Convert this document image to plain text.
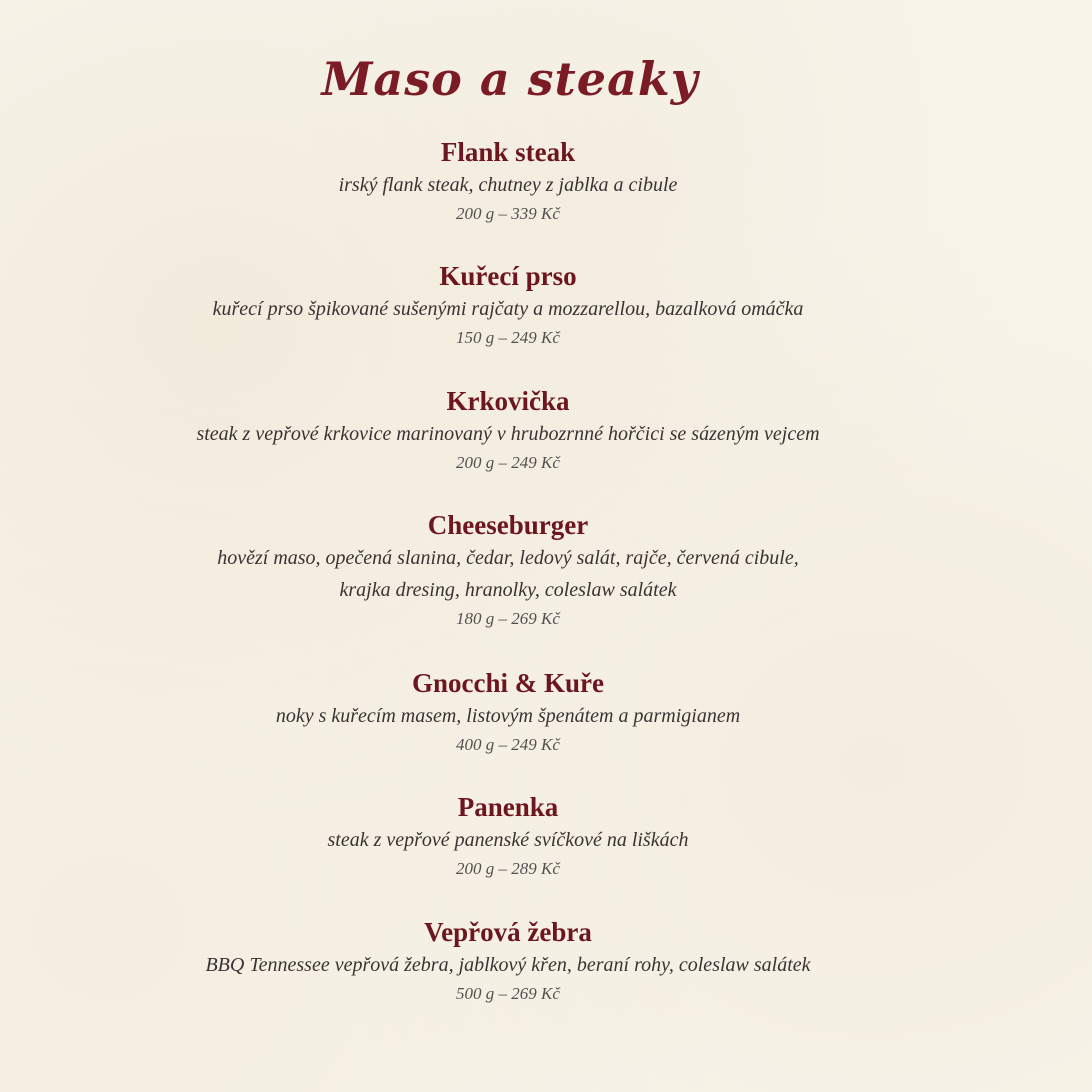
Maso a steaky

Flank steak

irský flank steak, chutney z jablka a cibule

200 g – 339 Kč

Kuřecí prso

kuřecí prso špikované sušenými rajčaty a mozzarellou, bazalková omáčka

150 g – 249 Kč

Krkovička

steak z vepřové krkovice marinovaný v hrubozrnné hořčici se sázeným vejcem

200 g – 249 Kč

Cheeseburger

hovězí maso, opečená slanina, čedar, ledový salát, rajče, červená cibule,

krajka dresing, hranolky, coleslaw salátek

180 g – 269 Kč

Gnocchi & Kuře

noky s kuřecím masem, listovým špenátem a parmigianem

400 g – 249 Kč

Panenka

steak z vepřové panenské svíčkové na liškách

200 g – 289 Kč

Vepřová žebra

BBQ Tennessee vepřová žebra, jablkový křen, beraní rohy, coleslaw salátek

500 g – 269 Kč
